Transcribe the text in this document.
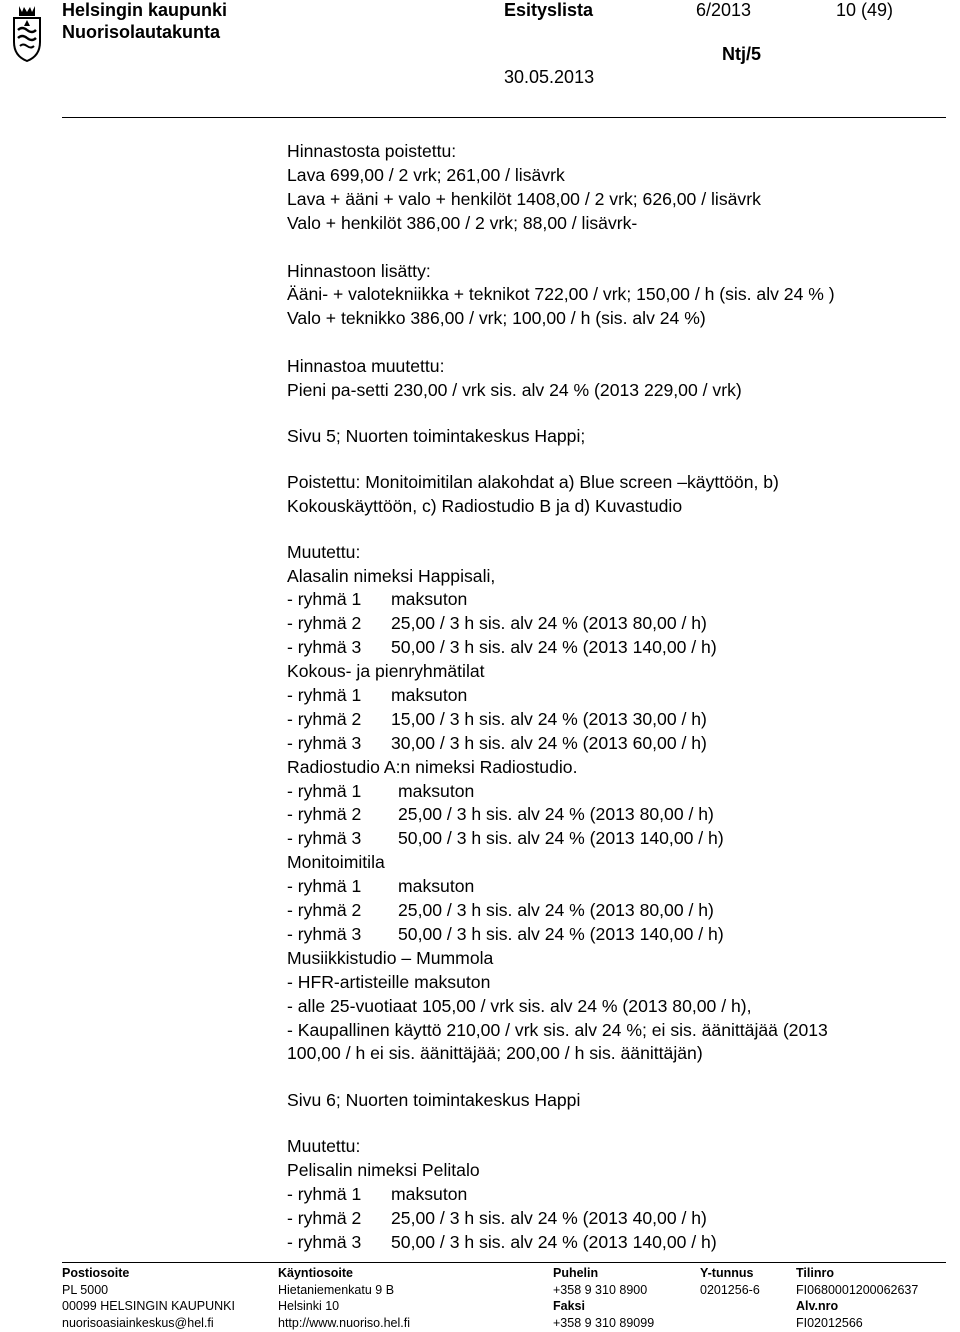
Helsingin kaupunki
Nuorisolautakunta
Esityslista	6/2013	10 (49)
Ntj/5
30.05.2013
Hinnastosta poistettu:
Lava 699,00 / 2 vrk; 261,00 / lisävrk
Lava + ääni + valo + henkilöt 1408,00 / 2 vrk; 626,00 / lisävrk
Valo + henkilöt 386,00 / 2 vrk; 88,00 / lisävrk-
Hinnastoon lisätty:
Ääni- + valotekniikka + teknikot 722,00 / vrk; 150,00 / h (sis. alv 24 % )
Valo + teknikko 386,00 / vrk; 100,00 / h (sis. alv 24 %)
Hinnastoa muutettu:
Pieni pa-setti 230,00 / vrk sis. alv 24 % (2013 229,00 / vrk)
Sivu 5; Nuorten toimintakeskus Happi;
Poistettu: Monitoimitilan alakohdat a) Blue screen –käyttöön, b)
Kokouskäyttöön, c) Radiostudio B ja d) Kuvastudio
Muutettu:
Alasalin nimeksi Happisali,
- ryhmä 1 maksuton
- ryhmä 2 25,00 / 3 h sis. alv 24 % (2013 80,00 / h)
- ryhmä 3 50,00 / 3 h sis. alv 24 % (2013 140,00 / h)
Kokous- ja pienryhmätilat
- ryhmä 1 maksuton
- ryhmä 2 15,00 / 3 h sis. alv 24 % (2013 30,00 / h)
- ryhmä 3 30,00 / 3 h sis. alv 24 % (2013 60,00 / h)
Radiostudio A:n nimeksi Radiostudio.
- ryhmä 1 maksuton
- ryhmä 2 25,00 / 3 h sis. alv 24 % (2013 80,00 / h)
- ryhmä 3 50,00 / 3 h sis. alv 24 % (2013 140,00 / h)
Monitoimitila
- ryhmä 1 maksuton
- ryhmä 2 25,00 / 3 h sis. alv 24 % (2013 80,00 / h)
- ryhmä 3 50,00 / 3 h sis. alv 24 % (2013 140,00 / h)
Musiikkistudio – Mummola
- HFR-artisteille maksuton
- alle 25-vuotiaat 105,00 / vrk sis. alv 24 % (2013 80,00 / h),
- Kaupallinen käyttö 210,00 / vrk sis. alv 24 %; ei sis. äänittäjää (2013
100,00 / h ei sis. äänittäjää; 200,00 / h sis. äänittäjän)
Sivu 6; Nuorten toimintakeskus Happi
Muutettu:
Pelisalin nimeksi Pelitalo
- ryhmä 1 maksuton
- ryhmä 2 25,00 / 3 h sis. alv 24 % (2013 40,00 / h)
- ryhmä 3 50,00 / 3 h sis. alv 24 % (2013 140,00 / h)
Postiosoite
PL 5000
00099 HELSINGIN KAUPUNKI
nuorisoasiainkeskus@hel.fi
Käyntiosoite
Hietaniemenkatu 9 B
Helsinki 10
http://www.nuoriso.hel.fi
Puhelin
+358 9 310 8900
Faksi
+358 9 310 89099
Y-tunnus
0201256-6
Tilinro
FI0680001200062637
Alv.nro
FI02012566
